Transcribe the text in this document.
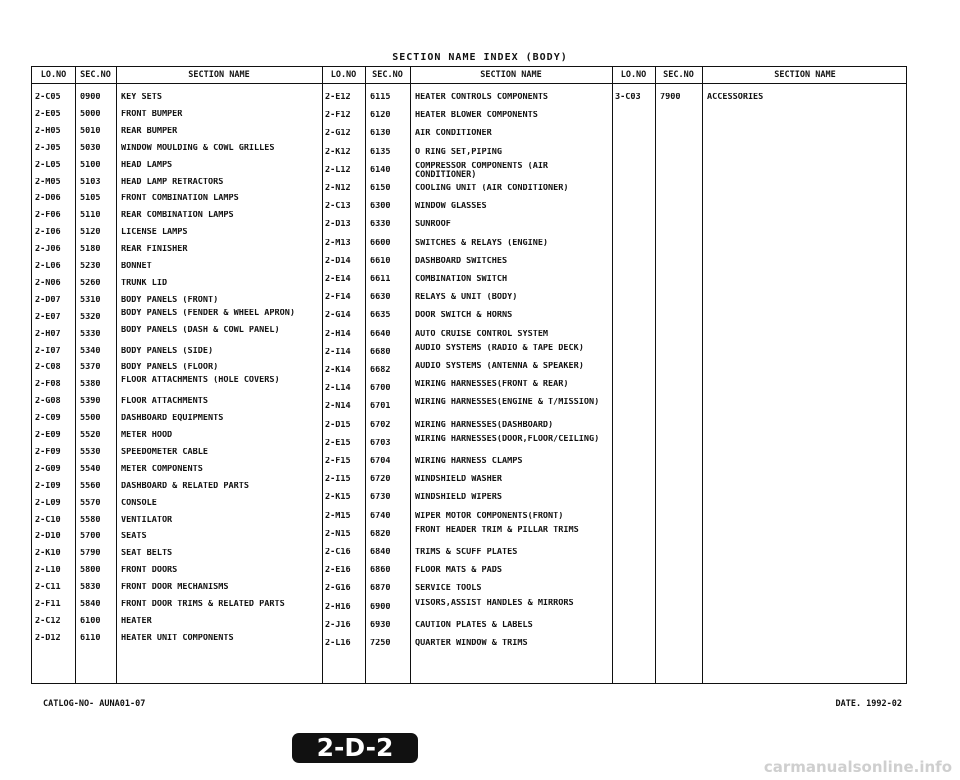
SECTION NAME INDEX (BODY)
LO.NO	SEC.NO	SECTION NAME	LO.NO	SEC.NO	SECTION NAME	LO.NO	SEC.NO	SECTION NAME
2-C05 0900 KEY SETS
2-E05 5000 FRONT BUMPER
2-H05 5010 REAR BUMPER
2-J05 5030 WINDOW MOULDING & COWL GRILLES
2-L05 5100 HEAD LAMPS
2-M05 5103 HEAD LAMP RETRACTORS
2-D06 5105 FRONT COMBINATION LAMPS
2-F06 5110 REAR COMBINATION LAMPS
2-I06 5120 LICENSE LAMPS
2-J06 5180 REAR FINISHER
2-L06 5230 BONNET
2-N06 5260 TRUNK LID
2-D07 5310 BODY PANELS (FRONT)
2-E07 5320 BODY PANELS (FENDER & WHEEL APRON)
2-H07 5330 BODY PANELS (DASH & COWL PANEL)
2-I07 5340 BODY PANELS (SIDE)
2-C08 5370 BODY PANELS (FLOOR)
2-F08 5380 FLOOR ATTACHMENTS (HOLE COVERS)
2-G08 5390 FLOOR ATTACHMENTS
2-C09 5500 DASHBOARD EQUIPMENTS
2-E09 5520 METER HOOD
2-F09 5530 SPEEDOMETER CABLE
2-G09 5540 METER COMPONENTS
2-I09 5560 DASHBOARD & RELATED PARTS
2-L09 5570 CONSOLE
2-C10 5580 VENTILATOR
2-D10 5700 SEATS
2-K10 5790 SEAT BELTS
2-L10 5800 FRONT DOORS
2-C11 5830 FRONT DOOR MECHANISMS
2-F11 5840 FRONT DOOR TRIMS & RELATED PARTS
2-C12 6100 HEATER
2-D12 6110 HEATER UNIT COMPONENTS
2-E12 6115	HEATER CONTROLS COMPONENTS
2-F12 6120	HEATER BLOWER COMPONENTS
2-G12 6130	AIR CONDITIONER
2-K12 6135	O RING SET,PIPING
2-L12 6140	COMPRESSOR COMPONENTS (AIR CONDITIONER)
2-N12 6150	COOLING UNIT (AIR CONDITIONER)
2-C13 6300	WINDOW GLASSES
2-D13 6330	SUNROOF
2-M13 6600	SWITCHES & RELAYS (ENGINE)
2-D14 6610	DASHBOARD SWITCHES
2-E14 6611	COMBINATION SWITCH
2-F14 6630	RELAYS & UNIT (BODY)
2-G14 6635	DOOR SWITCH & HORNS
2-H14 6640	AUTO CRUISE CONTROL SYSTEM
2-I14 6680	AUDIO SYSTEMS (RADIO & TAPE DECK)
2-K14 6682	AUDIO SYSTEMS (ANTENNA & SPEAKER)
2-L14 6700	WIRING HARNESSES(FRONT & REAR)
2-N14 6701	WIRING HARNESSES(ENGINE & T/MISSION)
2-D15 6702	WIRING HARNESSES(DASHBOARD)
2-E15 6703	WIRING HARNESSES(DOOR,FLOOR/CEILING)
2-F15 6704	WIRING HARNESS CLAMPS
2-I15 6720	WINDSHIELD WASHER
2-K15 6730	WINDSHIELD WIPERS
2-M15 6740	WIPER MOTOR COMPONENTS(FRONT)
2-N15 6820	FRONT HEADER TRIM & PILLAR TRIMS
2-C16 6840	TRIMS & SCUFF PLATES
2-E16 6860	FLOOR MATS & PADS
2-G16 6870	SERVICE TOOLS
2-H16 6900	VISORS,ASSIST HANDLES & MIRRORS
2-J16 6930	CAUTION PLATES & LABELS
2-L16 7250	QUARTER WINDOW & TRIMS
3-C03 7900	ACCESSORIES
CATLOG-NO- AUNA01-07	DATE. 1992-02
2-D-2
carmanualsonline.info
